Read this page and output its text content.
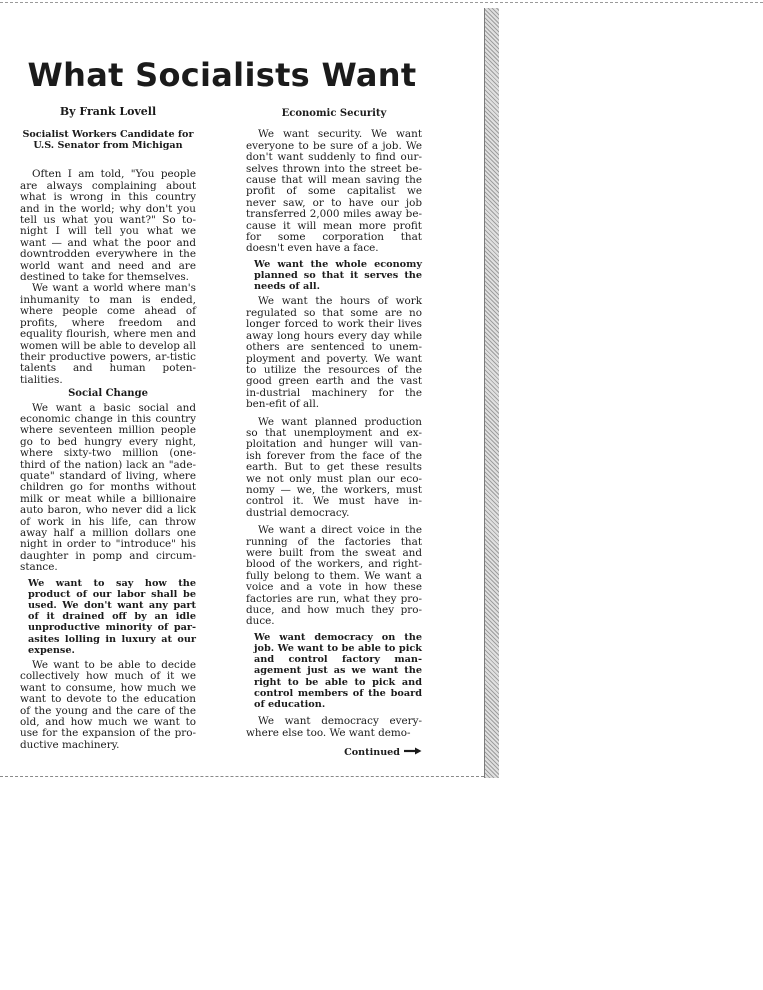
What Socialists Want
By Frank Lovell
Socialist Workers Candidate for
U.S. Senator from Michigan

Often I am told, "You people are always complaining about what is wrong in this country and in the world; why don't you tell us what you want?" So to-night I will tell you what we want — and what the poor and downtrodden everywhere in the world want and need and are destined to take for themselves.

We want a world where man's inhumanity to man is ended, where people come ahead of profits, where freedom and equality flourish, where men and women will be able to develop all their productive powers, ar-tistic talents and human poten-tialities.

Social Change

We want a basic social and economic change in this country where seventeen million people go to bed hungry every night, where sixty-two million (one-third of the nation) lack an "ade-quate" standard of living, where children go for months without milk or meat while a billionaire auto baron, who never did a lick of work in his life, can throw away half a million dollars one night in order to "introduce" his daughter in pomp and circum-stance.

We want to say how the product of our labor shall be used. We don't want any part of it drained off by an idle unproductive minority of par-asites lolling in luxury at our expense.

We want to be able to decide collectively how much of it we want to consume, how much we want to devote to the education of the young and the care of the old, and how much we want to use for the expansion of the pro-ductive machinery.

Economic Security

We want security. We want everyone to be sure of a job. We don't want suddenly to find our-selves thrown into the street be-cause that will mean saving the profit of some capitalist we never saw, or to have our job transferred 2,000 miles away be-cause it will mean more profit for some corporation that doesn't even have a face.

We want the whole economy planned so that it serves the needs of all.

We want the hours of work regulated so that some are no longer forced to work their lives away long hours every day while others are sentenced to unem-ployment and poverty. We want to utilize the resources of the good green earth and the vast in-dustrial machinery for the ben-efit of all.

We want planned production so that unemployment and ex-ploitation and hunger will van-ish forever from the face of the earth. But to get these results we not only must plan our eco-nomy — we, the workers, must control it. We must have in-dustrial democracy.

We want a direct voice in the running of the factories that were built from the sweat and blood of the workers, and right-fully belong to them. We want a voice and a vote in how these factories are run, what they pro-duce, and how much they pro-duce.

We want democracy on the job. We want to be able to pick and control factory man-agement just as we want the right to be able to pick and control members of the board of education.

We want democracy every-where else too. We want demo-

Continued
